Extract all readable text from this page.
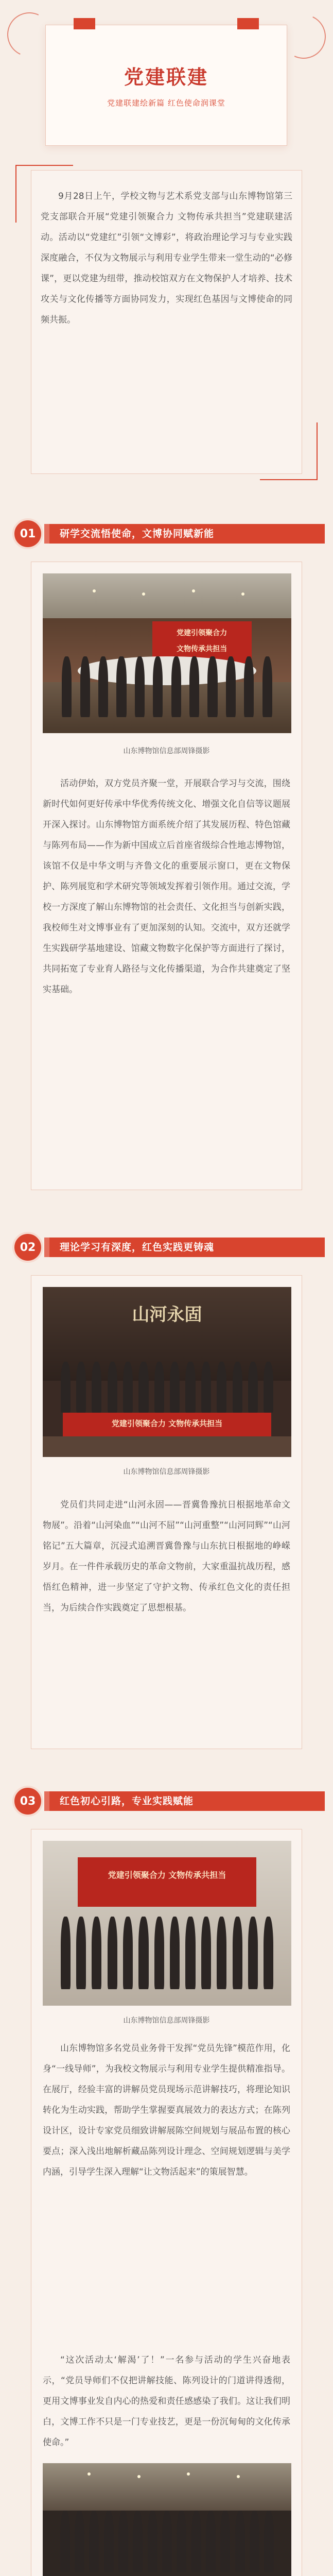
党建联建
党建联建绘新篇 红色使命润课堂

9月28日上午，学校文物与艺术系党支部与山东博物馆第三党支部联合开展“党建引领聚合力 文物传承共担当”党建联建活动。活动以“党建红”引领“文博彩”，将政治理论学习与专业实践深度融合，不仅为文物展示与利用专业学生带来一堂生动的“必修课”，更以党建为纽带，推动校馆双方在文物保护人才培养、技术攻关与文化传播等方面协同发力，实现红色基因与文博使命的同频共振。

01	研学交流悟使命，文博协同赋新能
党建引领聚合力
文物传承共担当
山东博物馆信息部周锋摄影

活动伊始，双方党员齐聚一堂，开展联合学习与交流，围绕新时代如何更好传承中华优秀传统文化、增强文化自信等议题展开深入探讨。山东博物馆方面系统介绍了其发展历程、特色馆藏与陈列布局——作为新中国成立后首座省级综合性地志博物馆，该馆不仅是中华文明与齐鲁文化的重要展示窗口，更在文物保护、陈列展览和学术研究等领域发挥着引领作用。通过交流，学校一方深度了解山东博物馆的社会责任、文化担当与创新实践，我校师生对文博事业有了更加深刻的认知。交流中，双方还就学生实践研学基地建设、馆藏文物数字化保护等方面进行了探讨，共同拓宽了专业育人路径与文化传播渠道，为合作共建奠定了坚实基础。

02	理论学习有深度，红色实践更铸魂
山河永固
党建引领聚合力 文物传承共担当
山东博物馆信息部周锋摄影

党员们共同走进“山河永固——晋冀鲁豫抗日根据地革命文物展”。沿着“山河染血”“山河不屈”“山河重整”“山河同辉”“山河铭记”五大篇章，沉浸式追溯晋冀鲁豫与山东抗日根据地的峥嵘岁月。在一件件承载历史的革命文物前，大家重温抗战历程，感悟红色精神，进一步坚定了守护文物、传承红色文化的责任担当，为后续合作实践奠定了思想根基。

03	红色初心引路，专业实践赋能
党建引领聚合力 文物传承共担当
山东博物馆信息部周锋摄影

山东博物馆多名党员业务骨干发挥“党员先锋”模范作用，化身“一线导师”，为我校文物展示与利用专业学生提供精准指导。在展厅，经验丰富的讲解员党员现场示范讲解技巧，将理论知识转化为生动实践，帮助学生掌握要真展效力的表达方式；在陈列设计区，设计专家党员细致讲解展陈空间规划与展品布置的核心要点；深入浅出地解析藏品陈列设计理念、空间规划逻辑与美学内涵，引导学生深入理解“让文物活起来”的策展智慧。

“这次活动太‘解渴’了！”一名参与活动的学生兴奋地表示，“党员导师们不仅把讲解技能、陈列设计的门道讲得透彻，更用文博事业发自内心的热爱和责任感感染了我们。这让我们明白，文博工作不只是一门专业技艺，更是一份沉甸甸的文化传承使命。”
